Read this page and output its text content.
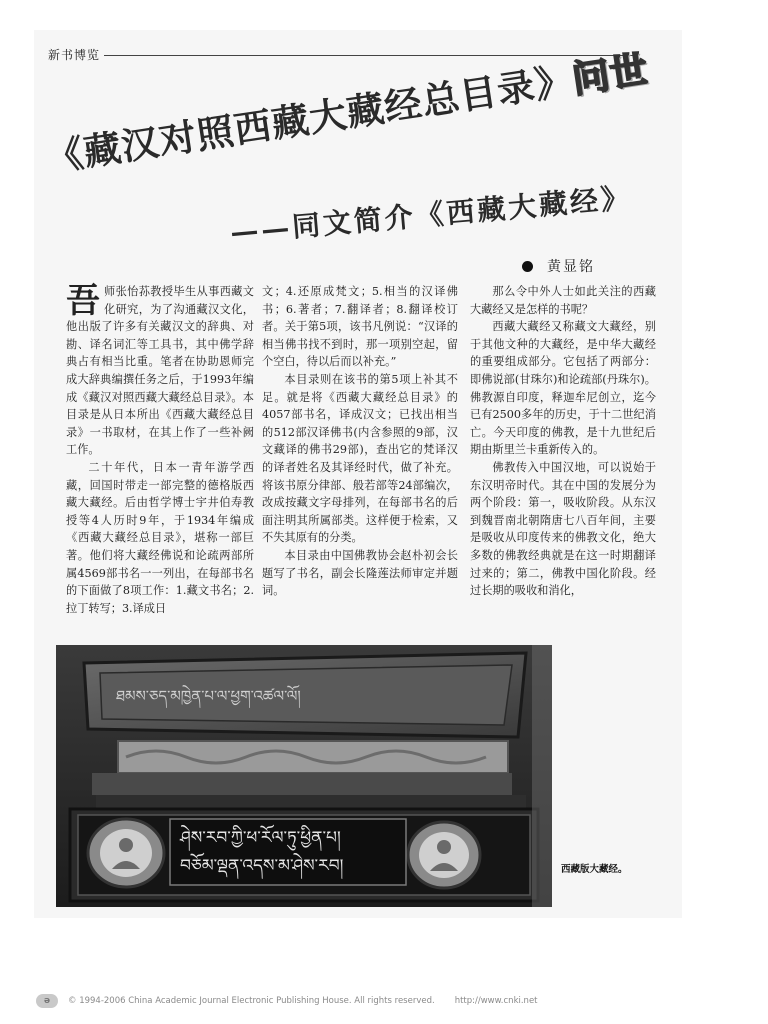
新书博览
《藏汉对照西藏大藏经总目录》问世
——同文简介《西藏大藏经》
黄显铭

吾师张怡荪教授毕生从事西藏文化研究，为了沟通藏汉文化，他出版了许多有关藏汉文的辞典、对勘、译名词汇等工具书，其中佛学辞典占有相当比重。笔者在协助恩师完成大辞典编撰任务之后，于1993年编成《藏汉对照西藏大藏经总目录》。本目录是从日本所出《西藏大藏经总目录》一书取材，在其上作了一些补阙工作。

二十年代，日本一青年游学西藏，回国时带走一部完整的德格版西藏大藏经。后由哲学博士宇井伯寿教授等4人历时9年，于1934年编成《西藏大藏经总目录》，堪称一部巨著。他们将大藏经佛说和论疏两部所属4569部书名一一列出，在每部书名的下面做了8项工作：1.藏文书名；2.拉丁转写；3.译成日

文；4.还原成梵文；5.相当的汉译佛书；6.著者；7.翻译者；8.翻译校订者。关于第5项，该书凡例说：“汉译的相当佛书找不到时，那一项别空起，留个空白，待以后而以补充。”

本目录则在该书的第5项上补其不足。就是将《西藏大藏经总目录》的4057部书名，译成汉文；已找出相当的512部汉译佛书(内含参照的9部，汉文藏译的佛书29部)，查出它的梵译汉的译者姓名及其译经时代，做了补充。将该书原分律部、般若部等24部编次，改成按藏文字母排列，在每部书名的后面注明其所属部类。这样便于检索，又不失其原有的分类。

本目录由中国佛教协会赵朴初会长题写了书名，副会长隆莲法师审定并题词。

那么令中外人士如此关注的西藏大藏经又是怎样的书呢？

西藏大藏经又称藏文大藏经，别于其他文种的大藏经，是中华大藏经的重要组成部分。它包括了两部分：即佛说部(甘珠尔)和论疏部(丹珠尔)。佛教源自印度，释迦牟尼创立，迄今已有2500多年的历史，于十二世纪消亡。今天印度的佛教，是十九世纪后期由斯里兰卡重新传入的。

佛教传入中国汉地，可以说始于东汉明帝时代。其在中国的发展分为两个阶段：第一，吸收阶段。从东汉到魏晋南北朝隋唐七八百年间，主要是吸收从印度传来的佛教文化，绝大多数的佛教经典就是在这一时期翻译过来的；第二，佛教中国化阶段。经过长期的吸收和消化，

ཐམས་ཅད་མཁྱེན་པ་ལ་ཕྱག་འཚལ་ལོ།
ཤེས་རབ་ཀྱི་ཕ་རོལ་ཏུ་ཕྱིན་པ།
བཅོམ་ལྡན་འདས་མ་ཤེས་རབ།	西藏版大藏经。
ə	© 1994-2006 China Academic Journal Electronic Publishing House. All rights reserved. http://www.cnki.net
